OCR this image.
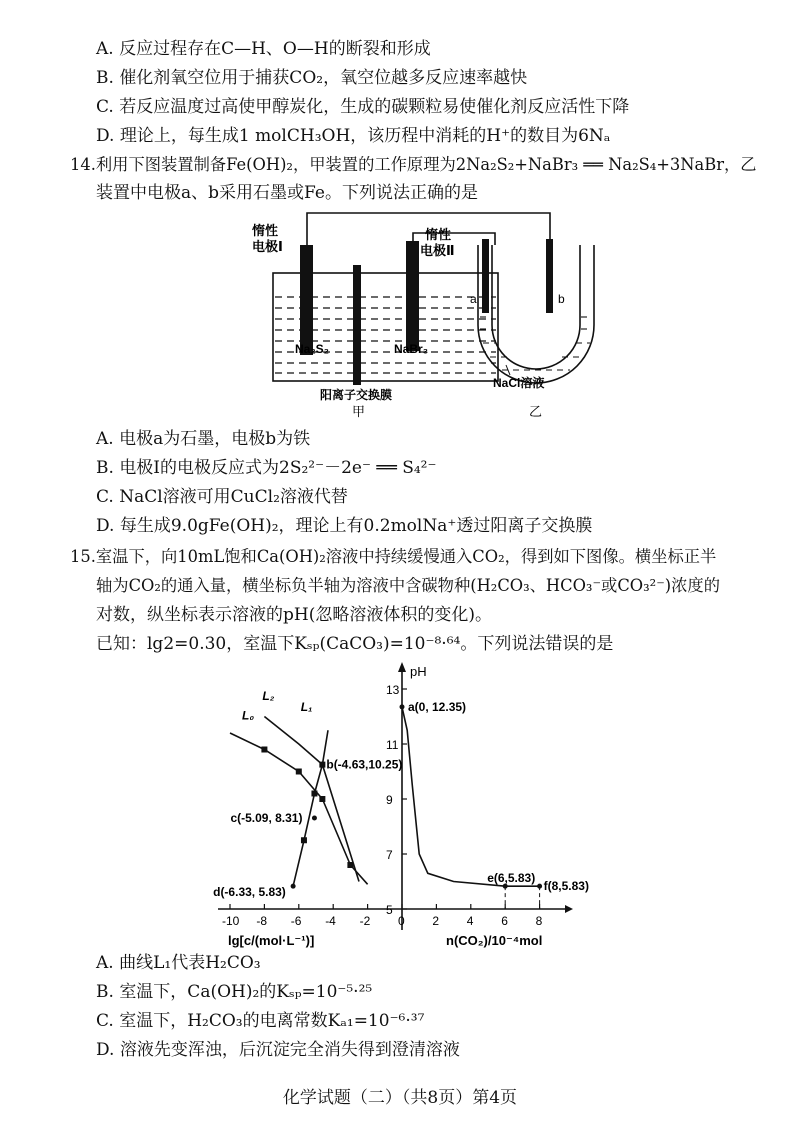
A. 反应过程存在C—H、O—H的断裂和形成
B. 催化剂氧空位用于捕获CO₂，氧空位越多反应速率越快
C. 若反应温度过高使甲醇炭化，生成的碳颗粒易使催化剂反应活性下降
D. 理论上，每生成1 molCH₃OH，该历程中消耗的H⁺的数目为6Nₐ
14.利用下图装置制备Fe(OH)₂，甲装置的工作原理为2Na₂S₂+NaBr₃ ══ Na₂S₄+3NaBr，乙
装置中电极a、b采用石墨或Fe。下列说法正确的是
惰性
电极Ⅰ
惰性
电极Ⅱ
Na₂S₂	NaBr₃
阳离子交换膜
甲
a	b
NaCl溶液
乙
A. 电极a为石墨，电极b为铁
B. 电极Ⅰ的电极反应式为2S₂²⁻－2e⁻ ══ S₄²⁻
C. NaCl溶液可用CuCl₂溶液代替
D. 每生成9.0gFe(OH)₂，理论上有0.2molNa⁺透过阳离子交换膜
15.室温下，向10mL饱和Ca(OH)₂溶液中持续缓慢通入CO₂，得到如下图像。横坐标正半
轴为CO₂的通入量，横坐标负半轴为溶液中含碳物种(H₂CO₃、HCO₃⁻或CO₃²⁻)浓度的
对数，纵坐标表示溶液的pH(忽略溶液体积的变化)。
已知：lg2=0.30，室温下Kₛₚ(CaCO₃)=10⁻⁸·⁶⁴。下列说法错误的是
pH
lg[c/(mol·L⁻¹)]	n(CO₂)/10⁻⁴mol
-10 -8 -6 -4 -2 0 2 4 6 8
5
7
9
11
13
L₀
L₁
L₂
a(0, 12.35)
b(-4.63,10.25)
c(-5.09, 8.31)
d(-6.33, 5.83)
e(6,5.83)
f(8,5.83)
A. 曲线L₁代表H₂CO₃
B. 室温下，Ca(OH)₂的Kₛₚ=10⁻⁵·²⁵
C. 室温下，H₂CO₃的电离常数Kₐ₁=10⁻⁶·³⁷
D. 溶液先变浑浊，后沉淀完全消失得到澄清溶液
化学试题（二）（共8页）第4页
